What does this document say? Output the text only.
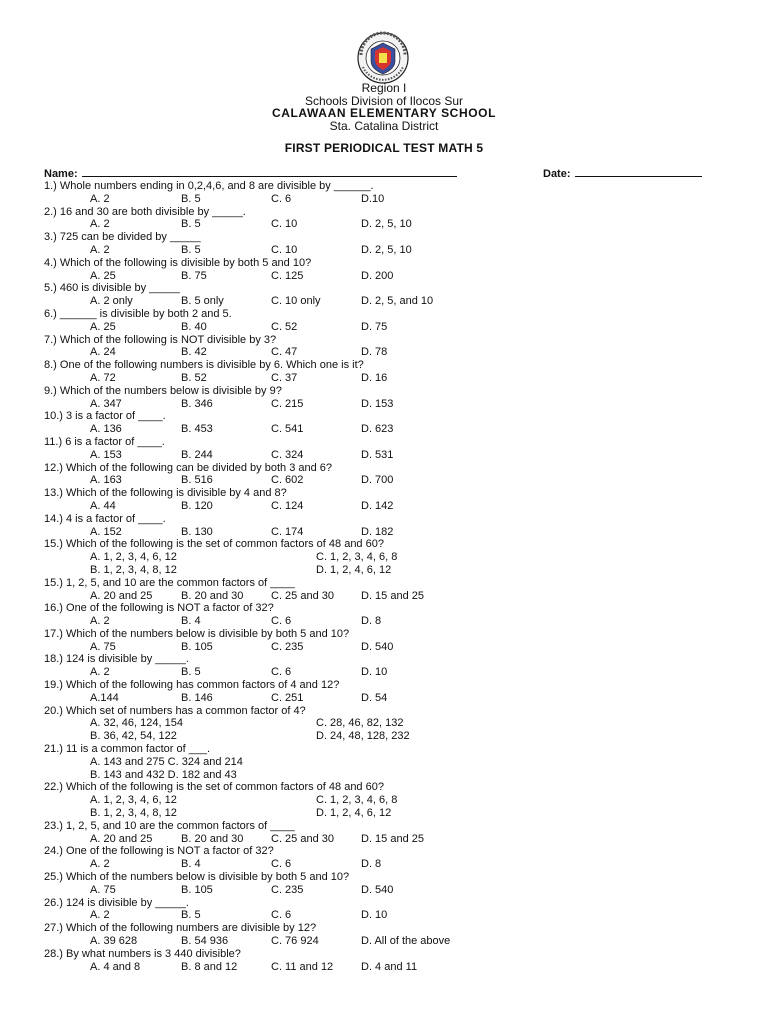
Region I
Schools Division of Ilocos Sur
CALAWAAN ELEMENTARY SCHOOL
Sta. Catalina District
FIRST PERIODICAL TEST MATH 5
Name:	Date:
1.) Whole numbers ending in 0,2,4,6, and 8 are divisible by ______.
A. 2	B. 5	C. 6	D.10
2.) 16 and 30 are both divisible by _____.
A. 2	B. 5	C. 10	D. 2, 5, 10
3.) 725 can be divided by _____
A. 2	B. 5	C. 10	D. 2, 5, 10
4.) Which of the following is divisible by both 5 and 10?
A. 25	B. 75	C. 125	D. 200
5.) 460 is divisible by _____
A. 2 only	B. 5 only	C. 10 only	D. 2, 5, and 10
6.) ______ is divisible by both 2 and 5.
A. 25	B. 40	C. 52	D. 75
7.) Which of the following is NOT divisible by 3?
A. 24	B. 42	C. 47	D. 78
8.) One of the following numbers is divisible by 6. Which one is it?
A. 72	B. 52	C. 37	D. 16
9.) Which of the numbers below is divisible by 9?
A. 347	B. 346	C. 215	D. 153
10.) 3 is a factor of ____.
A. 136	B. 453	C. 541	D. 623
11.) 6 is a factor of ____.
A. 153	B. 244	C. 324	D. 531
12.) Which of the following can be divided by both 3 and 6?
A. 163	B. 516	C. 602	D. 700
13.) Which of the following is divisible by 4 and 8?
A. 44	B. 120	C. 124	D. 142
14.) 4 is a factor of ____.
A. 152	B. 130	C. 174	D. 182
15.) Which of the following is the set of common factors of 48 and 60?
A. 1, 2, 3, 4, 6, 12	C. 1, 2, 3, 4, 6, 8
B. 1, 2, 3, 4, 8, 12	D. 1, 2, 4, 6, 12
15.) 1, 2, 5, and 10 are the common factors of ____
A. 20 and 25	B. 20 and 30	C. 25 and 30 D. 15 and 25
16.) One of the following is NOT a factor of 32?
A. 2	B. 4	C. 6	D. 8
17.) Which of the numbers below is divisible by both 5 and 10?
A. 75	B. 105	C. 235	D. 540
18.) 124 is divisible by _____.
A. 2	B. 5	C. 6	D. 10
19.) Which of the following has common factors of 4 and 12?
A.144	B. 146	C. 251	D. 54
20.) Which set of numbers has a common factor of 4?
A. 32, 46, 124, 154	C. 28, 46, 82, 132
B. 36, 42, 54, 122	D. 24, 48, 128, 232
21.) 11 is a common factor of ___.
A. 143 and 275 C. 324 and 214
B. 143 and 432 D. 182 and 43
22.) Which of the following is the set of common factors of 48 and 60?
A. 1, 2, 3, 4, 6, 12	C. 1, 2, 3, 4, 6, 8
B. 1, 2, 3, 4, 8, 12	D. 1, 2, 4, 6, 12
23.) 1, 2, 5, and 10 are the common factors of ____
A. 20 and 25	B. 20 and 30	C. 25 and 30 D. 15 and 25
24.) One of the following is NOT a factor of 32?
A. 2	B. 4	C. 6	D. 8
25.) Which of the numbers below is divisible by both 5 and 10?
A. 75	B. 105	C. 235	D. 540
26.) 124 is divisible by _____.
A. 2	B. 5	C. 6	D. 10
27.) Which of the following numbers are divisible by 12?
A. 39 628	B. 54 936	C. 76 924	D. All of the above
28.) By what numbers is 3 440 divisible?
A. 4 and 8	B. 8 and 12	C. 11 and 12	D. 4 and 11
